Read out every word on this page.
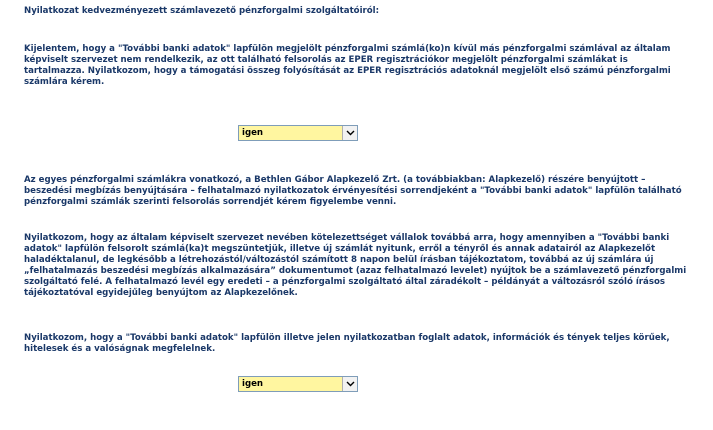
Nyilatkozat kedvezményezett számlavezető pénzforgalmi szolgáltatóiról:

Kijelentem, hogy a "További banki adatok" lapfülön megjelölt pénzforgalmi számlá(ko)n kívül más pénzforgalmi számlával az általam képviselt szervezet nem rendelkezik, az ott található felsorolás az EPER regisztrációkor megjelölt pénzforgalmi számlákat is tartalmazza. Nyilatkozom, hogy a támogatási összeg folyósítását az EPER regisztrációs adatoknál megjelölt első számú pénzforgalmi számlára kérem.

igen

Az egyes pénzforgalmi számlákra vonatkozó, a Bethlen Gábor Alapkezelő Zrt. (a továbbiakban: Alapkezelő) részére benyújtott – beszedési megbízás benyújtására – felhatalmazó nyilatkozatok érvényesítési sorrendjeként a "További banki adatok" lapfülön található pénzforgalmi számlák szerinti felsorolás sorrendjét kérem figyelembe venni.

Nyilatkozom, hogy az általam képviselt szervezet nevében kötelezettséget vállalok továbbá arra, hogy amennyiben a "További banki adatok" lapfülön felsorolt számlá(ka)t megszüntetjük, illetve új számlát nyitunk, erről a tényről és annak adatairól az Alapkezelőt haladéktalanul, de legkésőbb a létrehozástól/változástól számított 8 napon belül írásban tájékoztatom, továbbá az új számlára új „felhatalmazás beszedési megbízás alkalmazására” dokumentumot (azaz felhatalmazó levelet) nyújtok be a számlavezető pénzforgalmi szolgáltató felé. A felhatalmazó levél egy eredeti – a pénzforgalmi szolgáltató által záradékolt – példányát a változásról szóló írásos tájékoztatóval egyidejűleg benyújtom az Alapkezelőnek.

Nyilatkozom, hogy a "További banki adatok" lapfülön illetve jelen nyilatkozatban foglalt adatok, információk és tények teljes körűek, hitelesek és a valóságnak megfelelnek.

igen
